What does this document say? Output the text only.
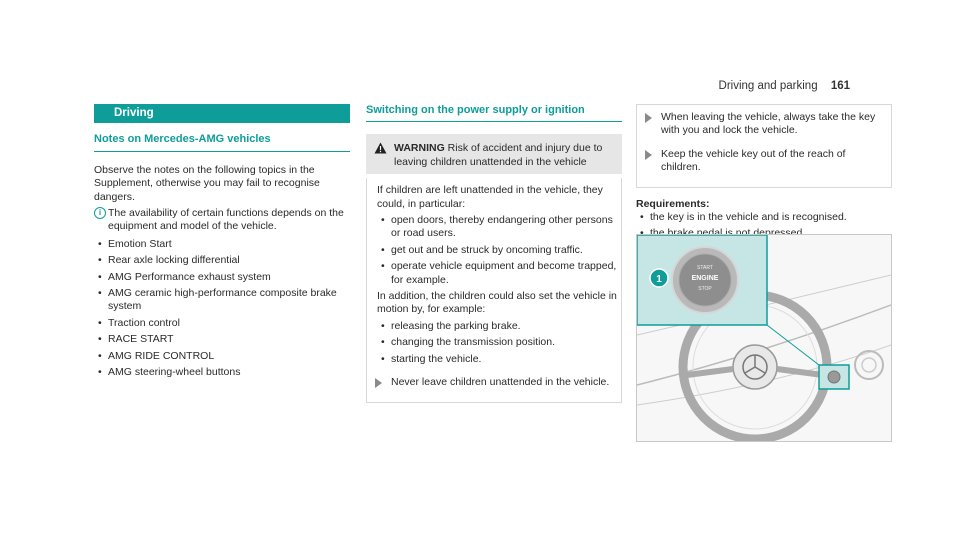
Driving and parking 161
Driving
Notes on Mercedes-AMG vehicles

Observe the notes on the following topics in the Supplement, otherwise you may fail to recognise dangers.

i The availability of certain functions depends on the equipment and model of the vehicle.
• Emotion Start
• Rear axle locking differential
• AMG Performance exhaust system
• AMG ceramic high-performance composite brake system
• Traction control
• RACE START
• AMG RIDE CONTROL
• AMG steering-wheel buttons
Switching on the power supply or ignition
WARNING Risk of accident and injury due to leaving children unattended in the vehicle

If children are left unattended in the vehicle, they could, in particular:

• open doors, thereby endangering other persons or road users.
• get out and be struck by oncoming traffic.
• operate vehicle equipment and become trapped, for example.

In addition, the children could also set the vehicle in motion by, for example:

• releasing the parking brake.
• changing the transmission position.
• starting the vehicle.
Never leave children unattended in the vehicle.
When leaving the vehicle, always take the key with you and lock the vehicle.
Keep the vehicle key out of the reach of children.
Requirements:
• the key is in the vehicle and is recognised.
START
ENGINE
STOP
1
